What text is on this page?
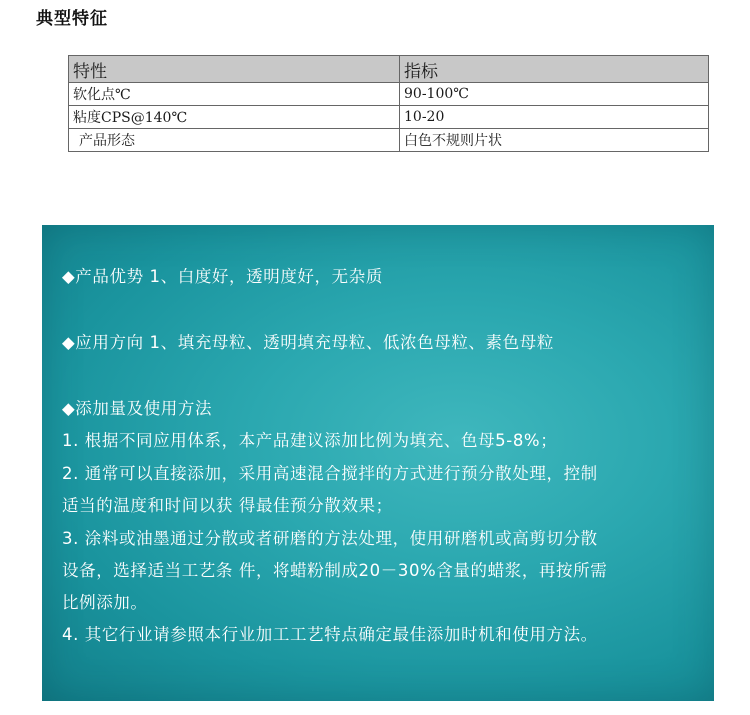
典型特征
特性	指标
软化点℃	90-100℃
粘度CPS@140℃	10-20
产品形态	白色不规则片状
◆产品优势 1、白度好，透明度好，无杂质
◆应用方向 1、填充母粒、透明填充母粒、低浓色母粒、素色母粒
◆添加量及使用方法
1. 根据不同应用体系，本产品建议添加比例为填充、色母5-8%；
2. 通常可以直接添加，采用高速混合搅拌的方式进行预分散处理，控制
适当的温度和时间以获 得最佳预分散效果；
3. 涂料或油墨通过分散或者研磨的方法处理，使用研磨机或高剪切分散
设备，选择适当工艺条 件，将蜡粉制成20－30%含量的蜡浆，再按所需
比例添加。
4. 其它行业请参照本行业加工工艺特点确定最佳添加时机和使用方法。
